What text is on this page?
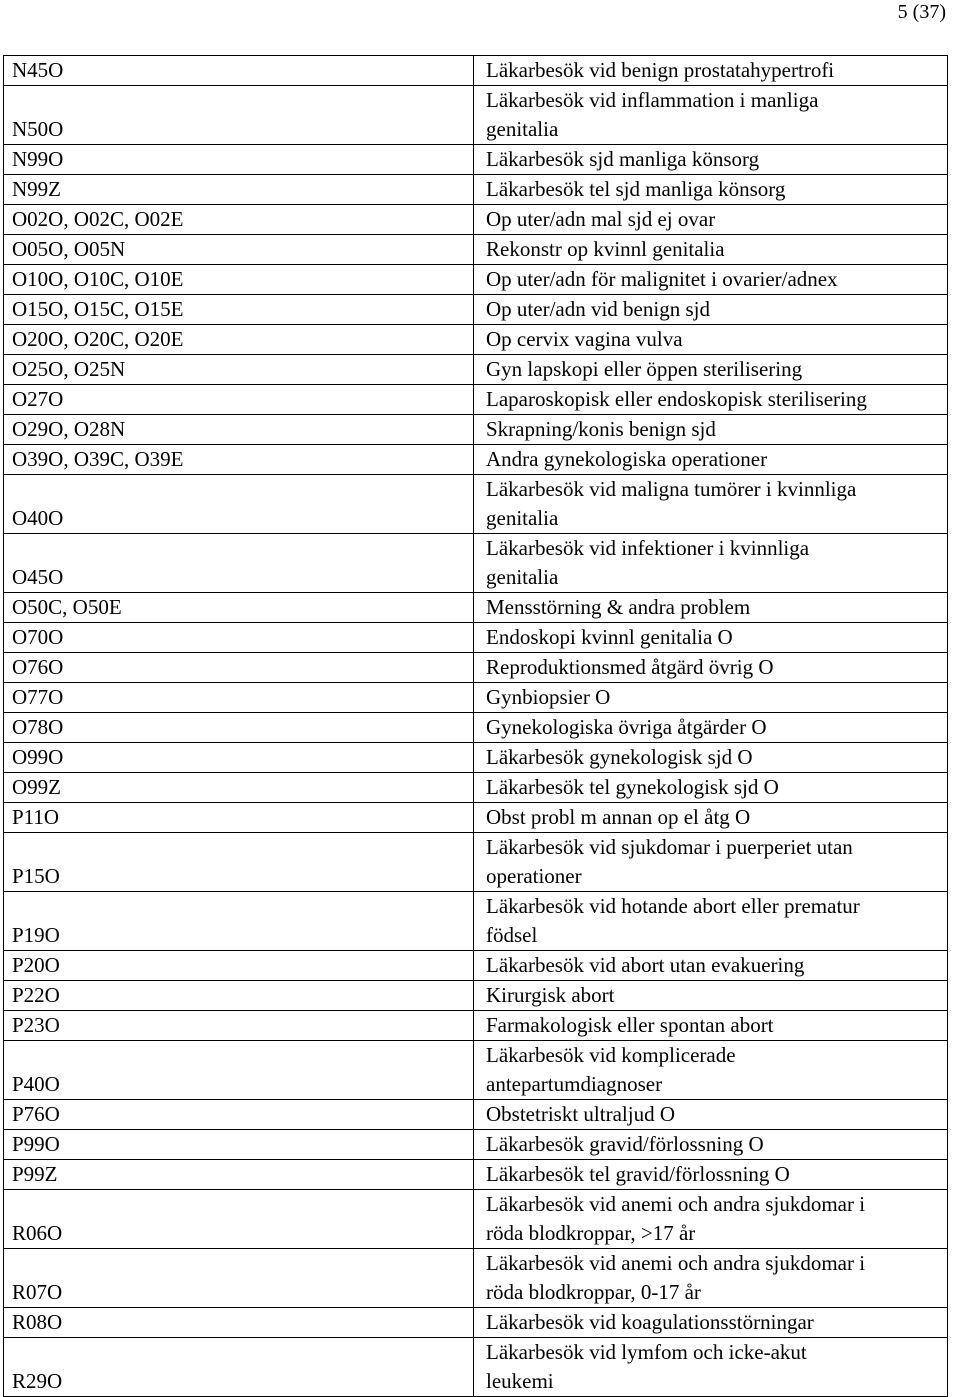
5 (37)
N45O	Läkarbesök vid benign prostatahypertrofi
N50O	Läkarbesök vid inflammation i manliga
genitalia
N99O	Läkarbesök sjd manliga könsorg
N99Z	Läkarbesök tel sjd manliga könsorg
O02O, O02C, O02E	Op uter/adn mal sjd ej ovar
O05O, O05N	Rekonstr op kvinnl genitalia
O10O, O10C, O10E	Op uter/adn för malignitet i ovarier/adnex
O15O, O15C, O15E	Op uter/adn vid benign sjd
O20O, O20C, O20E	Op cervix vagina vulva
O25O, O25N	Gyn lapskopi eller öppen sterilisering
O27O	Laparoskopisk eller endoskopisk sterilisering
O29O, O28N	Skrapning/konis benign sjd
O39O, O39C, O39E	Andra gynekologiska operationer
O40O	Läkarbesök vid maligna tumörer i kvinnliga
genitalia
O45O	Läkarbesök vid infektioner i kvinnliga
genitalia
O50C, O50E	Mensstörning & andra problem
O70O	Endoskopi kvinnl genitalia O
O76O	Reproduktionsmed åtgärd övrig O
O77O	Gynbiopsier O
O78O	Gynekologiska övriga åtgärder O
O99O	Läkarbesök gynekologisk sjd O
O99Z	Läkarbesök tel gynekologisk sjd O
P11O	Obst probl m annan op el åtg O
P15O	Läkarbesök vid sjukdomar i puerperiet utan
operationer
P19O	Läkarbesök vid hotande abort eller prematur
födsel
P20O	Läkarbesök vid abort utan evakuering
P22O	Kirurgisk abort
P23O	Farmakologisk eller spontan abort
P40O	Läkarbesök vid komplicerade
antepartumdiagnoser
P76O	Obstetriskt ultraljud O
P99O	Läkarbesök gravid/förlossning O
P99Z	Läkarbesök tel gravid/förlossning O
R06O	Läkarbesök vid anemi och andra sjukdomar i
röda blodkroppar, >17 år
R07O	Läkarbesök vid anemi och andra sjukdomar i
röda blodkroppar, 0-17 år
R08O	Läkarbesök vid koagulationsstörningar
R29O	Läkarbesök vid lymfom och icke-akut
leukemi
